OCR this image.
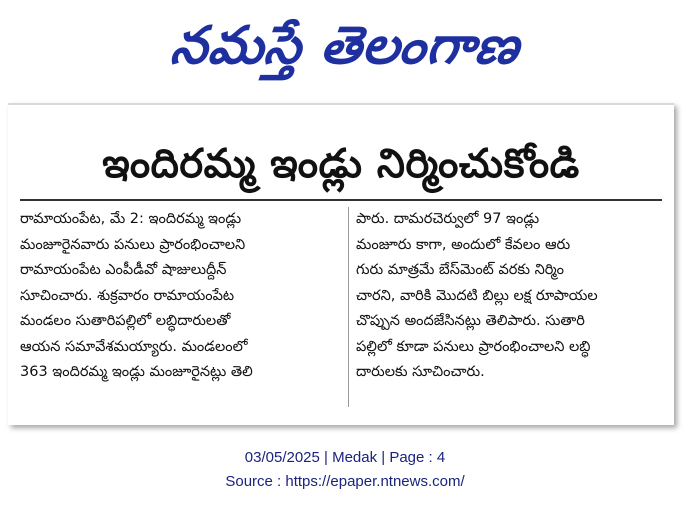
నమస్తే తెలంగాణ
ఇందిరమ్మ ఇండ్లు నిర్మించుకోండి
రామాయంపేట, మే 2: ఇందిరమ్మ ఇండ్లు
మంజూరైనవారు పనులు ప్రారంభించాలని
రామాయంపేట ఎంపీడీవో షాజులుద్దీన్
సూచించారు. శుక్రవారం రామాయంపేట
మండలం సుతారిపల్లిలో లబ్ధిదారులతో
ఆయన సమావేశమయ్యారు. మండలంలో
363 ఇందిరమ్మ ఇండ్లు మంజూరైనట్లు తెలి
పారు. దామరచెర్వులో 97 ఇండ్లు
మంజూరు కాగా, అందులో కేవలం ఆరు
గురు మాత్రమే బేస్‌మెంట్ వరకు నిర్మిం
చారని, వారికి మొదటి బిల్లు లక్ష రూపాయల
చొప్పున అందజేసినట్లు తెలిపారు. సుతారి
పల్లిలో కూడా పనులు ప్రారంభించాలని లబ్ధి
దారులకు సూచించారు.
03/05/2025 | Medak | Page : 4
Source : https://epaper.ntnews.com/
